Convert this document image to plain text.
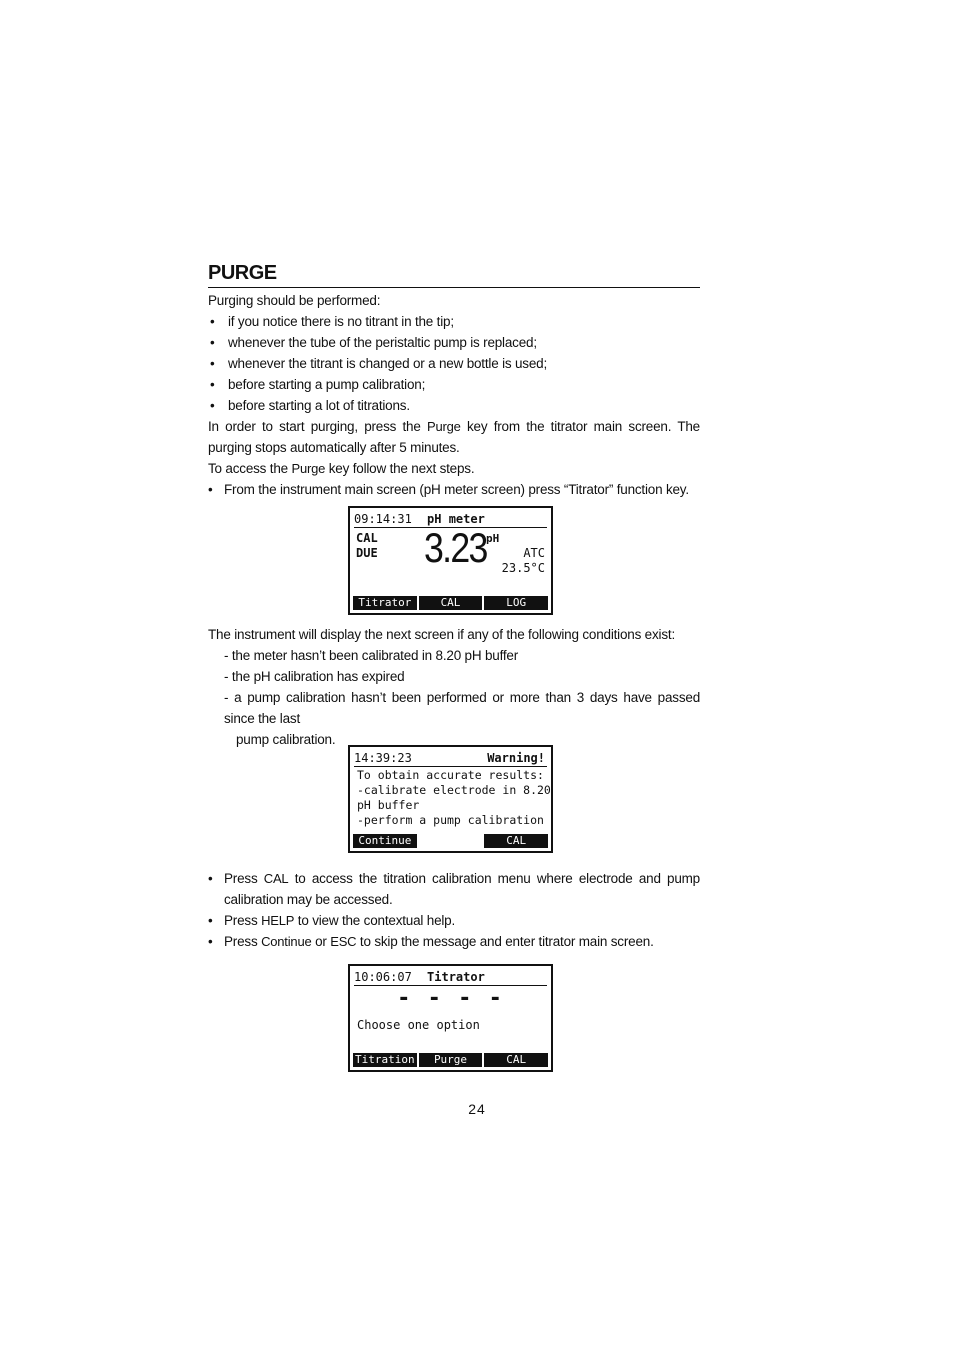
PURGE
Purging should be performed:
• if you notice there is no titrant in the tip;
• whenever the tube of the peristaltic pump is replaced;
• whenever the titrant is changed or a new bottle is used;
• before starting a pump calibration;
• before starting a lot of titrations.

In order to start purging, press the Purge key from the titrator main screen. The purging stops automatically after 5 minutes.

To access the Purge key follow the next steps.

• From the instrument main screen (pH meter screen) press “Titrator” function key.
09:14:31 pH meter
CAL
DUE 3.23 pH
ATC
23.5°C
Titrator	CAL	LOG

The instrument will display the next screen if any of the following conditions exist:

- the meter hasn’t been calibrated in 8.20 pH buffer
- the pH calibration has expired
- a pump calibration hasn’t been performed or more than 3 days have passed since the last
pump calibration.
14:39:23	Warning!
To obtain accurate results:
-calibrate electrode in 8.20
pH buffer
-perform a pump calibration
Continue	CAL
• Press CAL to access the titration calibration menu where electrode and pump calibration may be accessed.
• Press HELP to view the contextual help.
• Press Continue or ESC to skip the message and enter titrator main screen.
10:06:07 Titrator
- - - -
Choose one option
Titration	Purge	CAL
24
